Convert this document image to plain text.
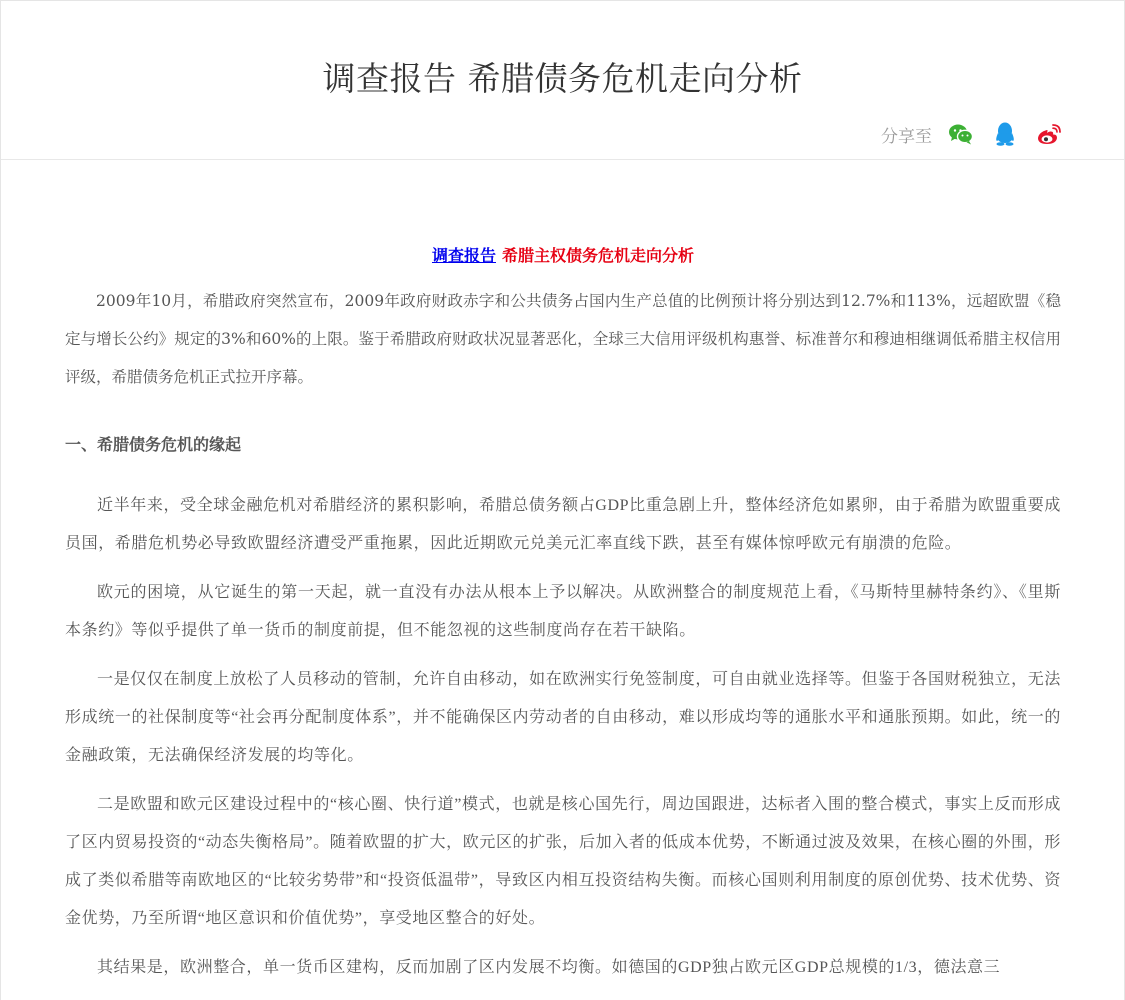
调查报告 希腊债务危机走向分析
分享至
调查报告 希腊主权债务危机走向分析

2009年10月，希腊政府突然宣布，2009年政府财政赤字和公共债务占国内生产总值的比例预计将分别达到12.7%和113%，远超欧盟《稳定与增长公约》规定的3%和60%的上限。鉴于希腊政府财政状况显著恶化，全球三大信用评级机构惠誉、标准普尔和穆迪相继调低希腊主权信用评级，希腊债务危机正式拉开序幕。

一、希腊债务危机的缘起

近半年来，受全球金融危机对希腊经济的累积影响，希腊总债务额占GDP比重急剧上升，整体经济危如累卵，由于希腊为欧盟重要成员国，希腊危机势必导致欧盟经济遭受严重拖累，因此近期欧元兑美元汇率直线下跌，甚至有媒体惊呼欧元有崩溃的危险。

欧元的困境，从它诞生的第一天起，就一直没有办法从根本上予以解决。从欧洲整合的制度规范上看，《马斯特里赫特条约》、《里斯本条约》等似乎提供了单一货币的制度前提，但不能忽视的这些制度尚存在若干缺陷。

一是仅仅在制度上放松了人员移动的管制，允许自由移动，如在欧洲实行免签制度，可自由就业选择等。但鉴于各国财税独立，无法形成统一的社保制度等“社会再分配制度体系”，并不能确保区内劳动者的自由移动，难以形成均等的通胀水平和通胀预期。如此，统一的金融政策，无法确保经济发展的均等化。

二是欧盟和欧元区建设过程中的“核心圈、快行道”模式，也就是核心国先行，周边国跟进，达标者入围的整合模式，事实上反而形成了区内贸易投资的“动态失衡格局”。随着欧盟的扩大，欧元区的扩张，后加入者的低成本优势，不断通过波及效果，在核心圈的外围，形成了类似希腊等南欧地区的“比较劣势带”和“投资低温带”，导致区内相互投资结构失衡。而核心国则利用制度的原创优势、技术优势、资金优势，乃至所谓“地区意识和价值优势”，享受地区整合的好处。

其结果是，欧洲整合，单一货币区建构，反而加剧了区内发展不均衡。如德国的GDP独占欧元区GDP总规模的1/3，德法意三
